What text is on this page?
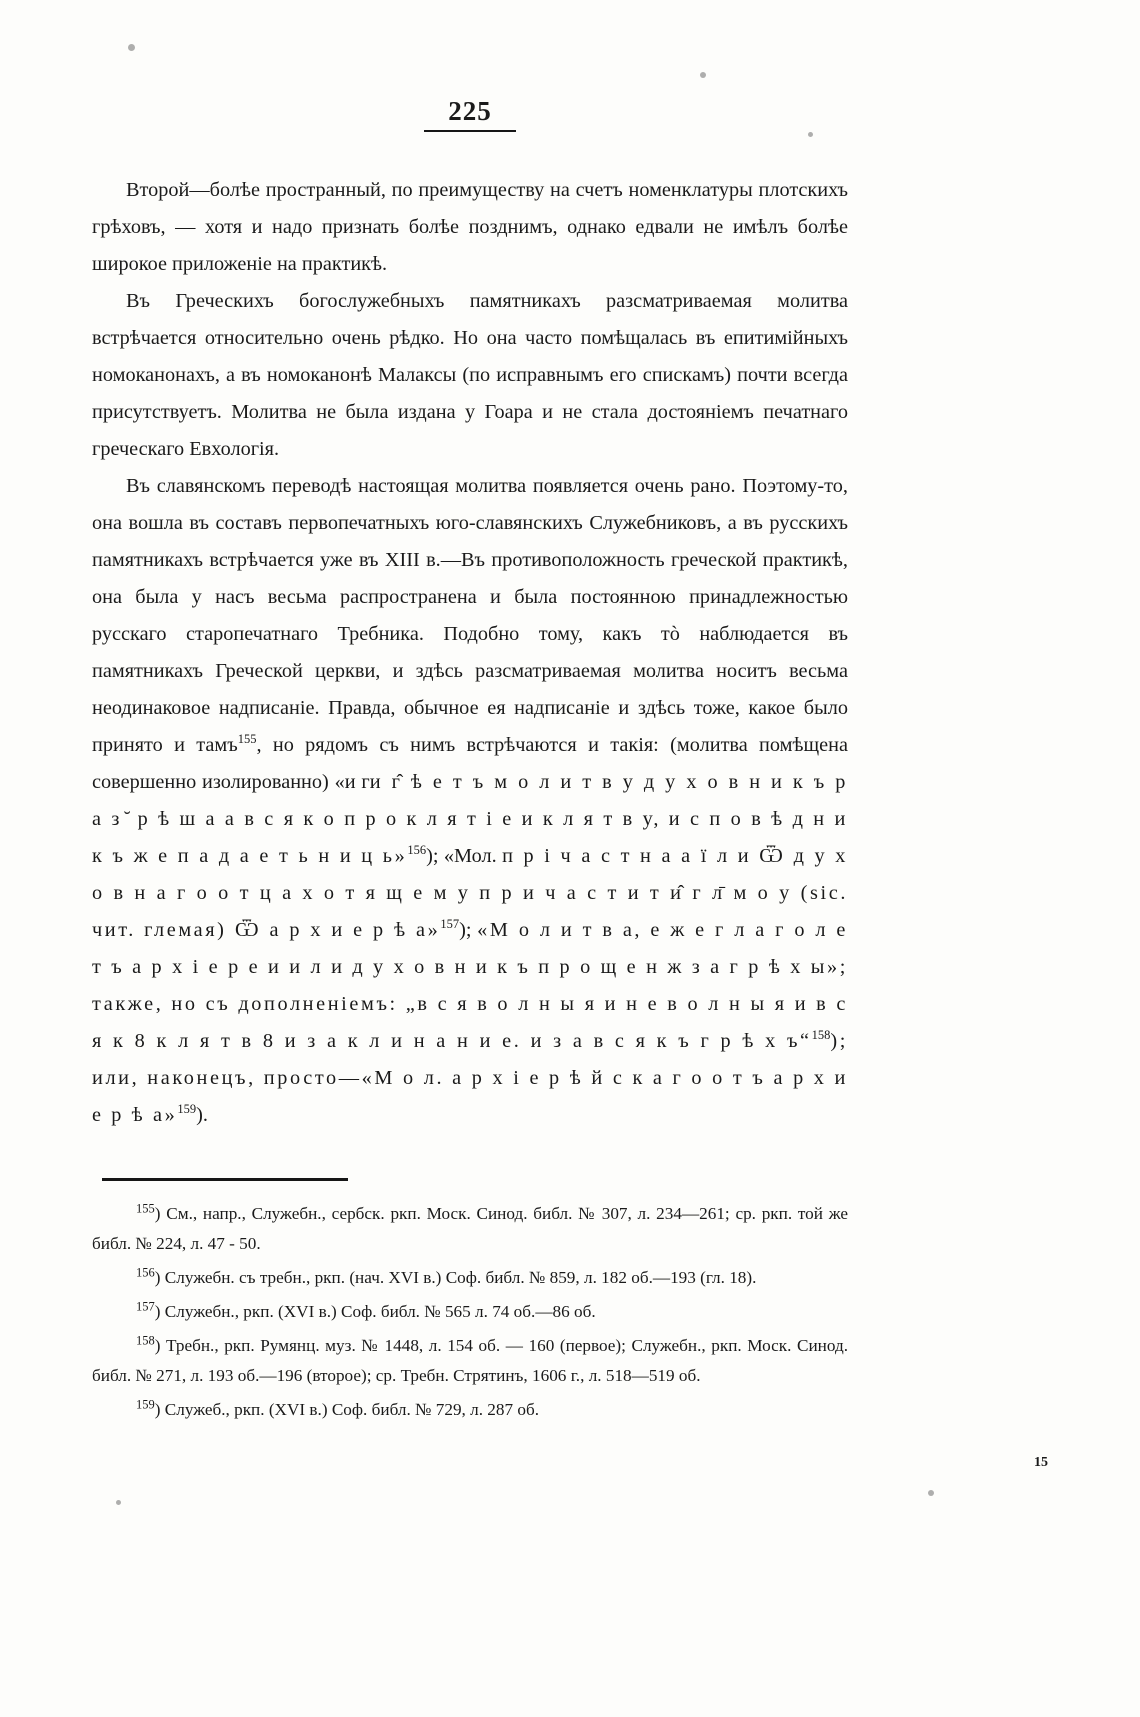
225

Второй—болѣе пространный, по преимуществу на счетъ номенклатуры плотскихъ грѣховъ, — хотя и надо признать болѣе позднимъ, однако едвали не имѣлъ болѣе широкое приложеніе на практикѣ.

Въ Греческихъ богослужебныхъ памятникахъ разсматриваемая молитва встрѣчается относительно очень рѣдко. Но она часто помѣщалась въ епитимійныхъ номоканонахъ, а въ номоканонѣ Малаксы (по исправнымъ его спискамъ) почти всегда присутствуетъ. Молитва не была издана у Гоара и не стала достояніемъ печатнаго греческаго Евхологія.

Въ славянскомъ переводѣ настоящая молитва появляется очень рано. Поэтому-то, она вошла въ составъ первопечатныхъ юго-славянскихъ Служебниковъ, а въ русскихъ памятникахъ встрѣчается уже въ XIII в.—Въ противоположность греческой практикѣ, она была у насъ весьма распространена и была постоянною принадлежностью русскаго старопечатнаго Требника. Подобно тому, какъ тò наблюдается въ памятникахъ Греческой церкви, и здѣсь разсматриваемая молитва носитъ весьма неодинаковое надписаніе. Правда, обычное ея надписаніе и здѣсь тоже, какое было принято и тамъ$^{155}$, но рядомъ съ нимъ встрѣчаются и такія: (молитва помѣщена совершенно изолированно) «и ги г̂ ѣ е т ъ м о л и т в у д у х о в н и к ъ р а з ̆ р ѣ ш а а в с я к о п р о к л я т і е и к л я т в у, и с п о в ѣ д н и к ъ ж е п а д а е т ь н и ц ь»$^{156}$); «Мол. п р і ч а с т н а а ї л и Ѿ д у х о в н а г о о т ц а х о т я щ е м у п р и ч а с т и т и̂ г л̄ м о у (sic. чит. глемая) Ѿ а р х и е р ѣ а»$^{157}$); «М о л и т в а, е ж е г л а г о л е т ъ а р х і е р е и и л и д у х о в н и к ъ п р о щ е н ж з а г р ѣ х ы»; также, но съ дополненіемъ: „в с я в о л н ы я и н е в о л н ы я и в с я к 8 к л я т в 8 и з а к л и н а н и е. и з а в с я к ъ г р ѣ х ъ“$^{158}$); или, наконецъ, просто—«М о л. а р х і е р ѣ й с к а г о о т ъ а р х и е р ѣ а»$^{159}$).

$^{155}$) См., напр., Служебн., сербск. ркп. Моск. Синод. библ. № 307, л. 234—261; ср. ркп. той же библ. № 224, л. 47 - 50.

$^{156}$) Служебн. съ требн., ркп. (нач. XVI в.) Соф. библ. № 859, л. 182 об.—193 (гл. 18).

$^{157}$) Служебн., ркп. (XVI в.) Соф. библ. № 565 л. 74 об.—86 об.

$^{158}$) Требн., ркп. Румянц. муз. № 1448, л. 154 об. — 160 (первое); Служебн., ркп. Моск. Синод. библ. № 271, л. 193 об.—196 (второе); ср. Требн. Стрятинъ, 1606 г., л. 518—519 об.

$^{159}$) Служеб., ркп. (XVI в.) Соф. библ. № 729, л. 287 об.

15
